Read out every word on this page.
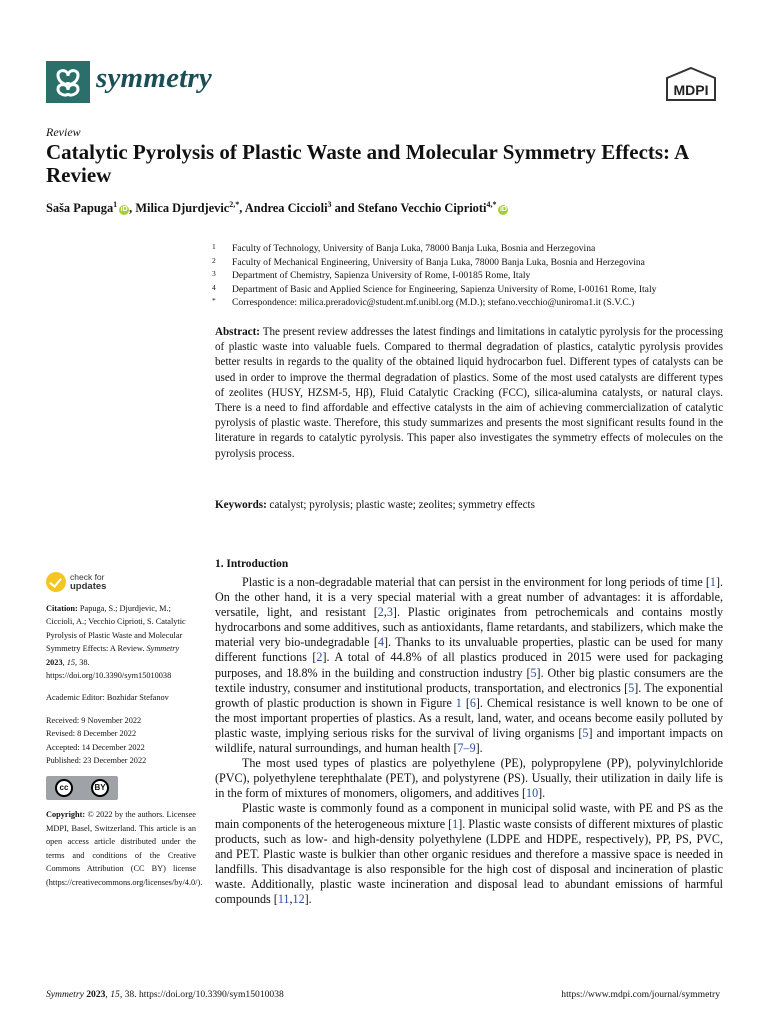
symmetry	MDPI
Review
Catalytic Pyrolysis of Plastic Waste and Molecular Symmetry Effects: A Review
Saša Papuga$^1$iD , Milica Djurdjevic$^{2,*}$, Andrea Ciccioli$^3$ and Stefano Vecchio Ciprioti$^{4,*}$iD
1 Faculty of Technology, University of Banja Luka, 78000 Banja Luka, Bosnia and Herzegovina
2 Faculty of Mechanical Engineering, University of Banja Luka, 78000 Banja Luka, Bosnia and Herzegovina
3 Department of Chemistry, Sapienza University of Rome, I-00185 Rome, Italy
4 Department of Basic and Applied Science for Engineering, Sapienza University of Rome, I-00161 Rome, Italy
* Correspondence: milica.preradovic@student.mf.unibl.org (M.D.); stefano.vecchio@uniroma1.it (S.V.C.)
Abstract: The present review addresses the latest findings and limitations in catalytic pyrolysis for the processing of plastic waste into valuable fuels. Compared to thermal degradation of plastics, catalytic pyrolysis provides better results in regards to the quality of the obtained liquid hydrocarbon fuel. Different types of catalysts can be used in order to improve the thermal degradation of plastics. Some of the most used catalysts are different types of zeolites (HUSY, HZSM-5, Hβ), Fluid Catalytic Cracking (FCC), silica-alumina catalysts, or natural clays. There is a need to find affordable and effective catalysts in the aim of achieving commercialization of catalytic pyrolysis of plastic waste. Therefore, this study summarizes and presents the most significant results found in the literature in regards to catalytic pyrolysis. This paper also investigates the symmetry effects of molecules on the pyrolysis process.
Keywords: catalyst; pyrolysis; plastic waste; zeolites; symmetry effects
1. Introduction

Plastic is a non-degradable material that can persist in the environment for long periods of time [1]. On the other hand, it is a very special material with a great number of advantages: it is affordable, versatile, light, and resistant [2,3]. Plastic originates from petrochemicals and contains mostly hydrocarbons and some additives, such as antioxidants, flame retardants, and stabilizers, which make the material very bio-undegradable [4]. Thanks to its unvaluable properties, plastic can be used for many different functions [2]. A total of 44.8% of all plastics produced in 2015 were used for packaging purposes, and 18.8% in the building and construction industry [5]. Other big plastic consumers are the textile industry, consumer and institutional products, transportation, and electronics [5]. The exponential growth of plastic production is shown in Figure 1 [6]. Chemical resistance is well known to be one of the most important properties of plastics. As a result, land, water, and oceans become easily polluted by plastic waste, implying serious risks for the survival of living organisms [5] and important impacts on wildlife, natural surroundings, and human health [7–9].

The most used types of plastics are polyethylene (PE), polypropylene (PP), polyvinylchloride (PVC), polyethylene terephthalate (PET), and polystyrene (PS). Usually, their utilization in daily life is in the form of mixtures of monomers, oligomers, and additives [10].

Plastic waste is commonly found as a component in municipal solid waste, with PE and PS as the main components of the heterogeneous mixture [1]. Plastic waste consists of different mixtures of plastic products, such as low- and high-density polyethylene (LDPE and HDPE, respectively), PP, PS, PVC, and PET. Plastic waste is bulkier than other organic residues and therefore a massive space is needed in landfills. This disadvantage is also responsible for the high cost of disposal and incineration of plastic waste. Additionally, plastic waste incineration and disposal lead to abundant emissions of harmful compounds [11,12].

check for
updates
Citation: Papuga, S.; Djurdjevic, M.; Ciccioli, A.; Vecchio Ciprioti, S. Catalytic Pyrolysis of Plastic Waste and Molecular Symmetry Effects: A Review. Symmetry 2023, 15, 38. https://doi.org/10.3390/sym15010038
Academic Editor: Bozhidar Stefanov
Received: 9 November 2022
Revised: 8 December 2022
Accepted: 14 December 2022
Published: 23 December 2022
cc	BY
Copyright: © 2022 by the authors. Licensee MDPI, Basel, Switzerland. This article is an open access article distributed under the terms and conditions of the Creative Commons Attribution (CC BY) license (https://creativecommons.org/licenses/by/4.0/).
Symmetry 2023, 15, 38. https://doi.org/10.3390/sym15010038	https://www.mdpi.com/journal/symmetry
